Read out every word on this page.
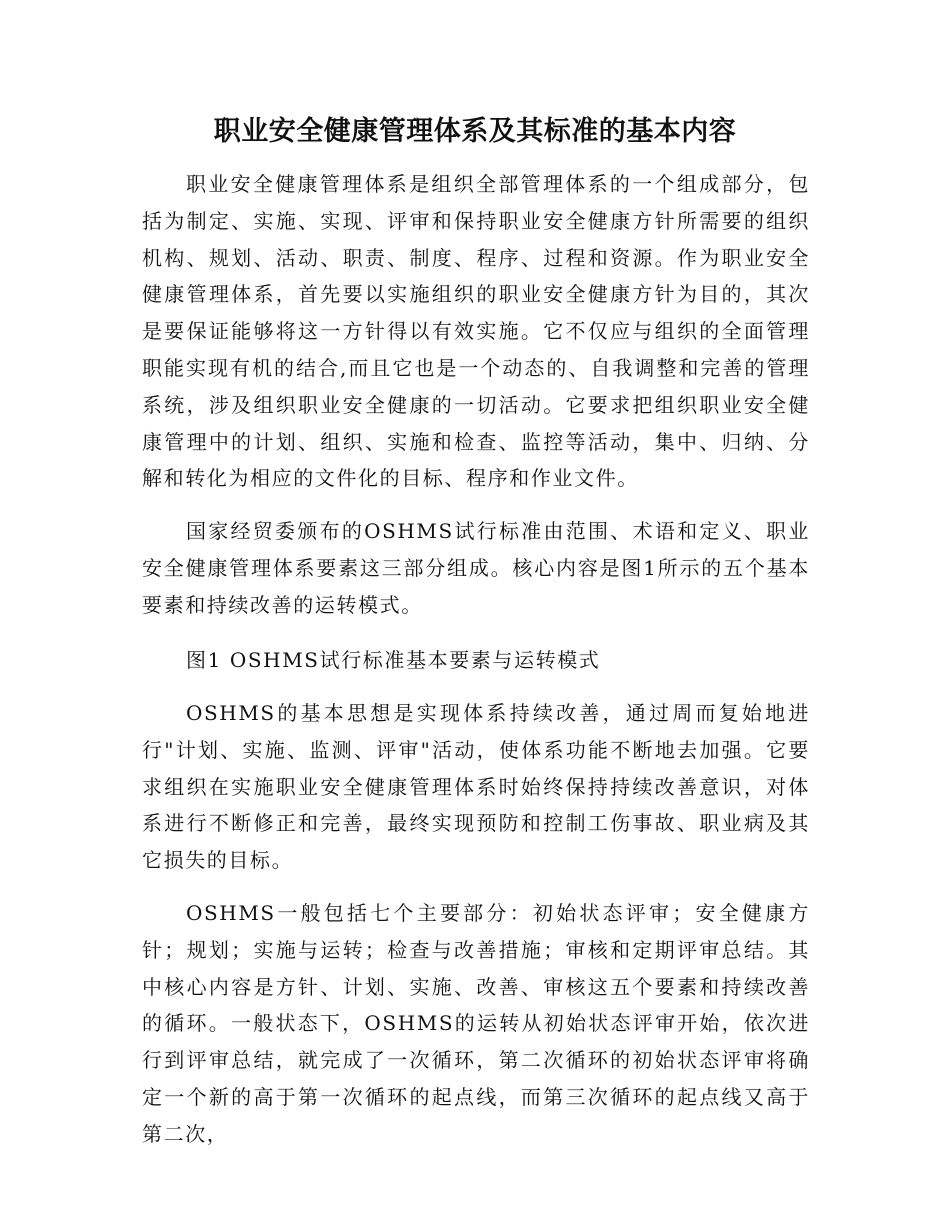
职业安全健康管理体系及其标准的基本内容

职业安全健康管理体系是组织全部管理体系的一个组成部分，包括为制定、实施、实现、评审和保持职业安全健康方针所需要的组织机构、规划、活动、职责、制度、程序、过程和资源。作为职业安全健康管理体系，首先要以实施组织的职业安全健康方针为目的，其次是要保证能够将这一方针得以有效实施。它不仅应与组织的全面管理职能实现有机的结合,而且它也是一个动态的、自我调整和完善的管理系统，涉及组织职业安全健康的一切活动。它要求把组织职业安全健康管理中的计划、组织、实施和检查、监控等活动，集中、归纳、分解和转化为相应的文件化的目标、程序和作业文件。

国家经贸委颁布的OSHMS试行标准由范围、术语和定义、职业安全健康管理体系要素这三部分组成。核心内容是图1所示的五个基本要素和持续改善的运转模式。

图1 OSHMS试行标准基本要素与运转模式

OSHMS的基本思想是实现体系持续改善，通过周而复始地进行"计划、实施、监测、评审"活动，使体系功能不断地去加强。它要求组织在实施职业安全健康管理体系时始终保持持续改善意识，对体系进行不断修正和完善，最终实现预防和控制工伤事故、职业病及其它损失的目标。

OSHMS一般包括七个主要部分：初始状态评审；安全健康方针；规划；实施与运转；检查与改善措施；审核和定期评审总结。其中核心内容是方针、计划、实施、改善、审核这五个要素和持续改善的循环。一般状态下，OSHMS的运转从初始状态评审开始，依次进行到评审总结，就完成了一次循环，第二次循环的初始状态评审将确定一个新的高于第一次循环的起点线，而第三次循环的起点线又高于第二次，
